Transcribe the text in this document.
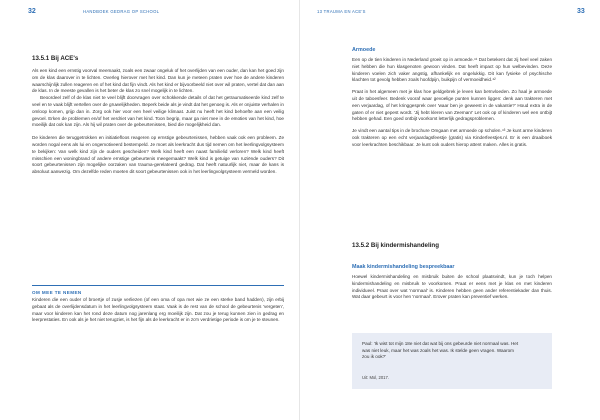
32	HANDBOEK GEDRAG OP SCHOOL
13.5.1 Bij ACE's

Als een kind een ernstig voorval meemaakt, zoals een zwaar ongeluk of het overlijden van een ouder, dan kan het goed zijn om de klas daarover in te lichten. Overleg hierover met het kind. Dan kun je meteen praten over hoe de andere kinderen waarschijnlijk zullen reageren en of het kind dat fijn vindt. Als het kind er bijvoorbeeld niet over wil praten, vertel dat dan aan de klas. In de meeste gevallen is het beter de klas zo snel mogelijk in te lichten.

Beoordeel zelf of de klas niet te veel blijft doorvragen over schokkende details of dat het getraumatiseerde kind zelf te veel en te vaak blijft vertellen over de gruwelijkheden. Beperk beide als je vindt dat het genoeg is. Als er onjuiste verhalen in omloop komen, grijp dan in. Zorg ook hier voor een heel veilige klimaat. Juist nu heeft het kind behoefte aan een veilig gevoel. Erken de problemen en/of het verdriet van het kind. Toon begrip, maar ga niet mee in de emoties van het kind, hoe moeilijk dat ook kan zijn. Als hij wil praten over de gebeurtenissen, bied die mogelijkheid dan.

De kinderen die teruggetrokken en initiatiefloos reageren op ernstige gebeurtenissen, hebben vaak ook een probleem. Ze worden nogal eens als lui en ongemotiveerd bestempeld. Je moet als leerkracht dus tijd nemen om het leerlingvolgsysteem te bekijken: Van welk kind zijn de ouders gescheiden? Welk kind heeft een naast familielid verloren? Welk kind heeft misschien een woningbrand of andere ernstige gebeurtenis meegemaakt? Welk kind is getuige van ruziënde ouders? Dit soort gebeurtenissen zijn mogelijke oorzaken van trauma-gerelateerd gedrag. Dat heeft natuurlijk niet, maar de kans is absoluut aanwezig. Om dezelfde reden moeten dit soort gebeurtenissen ook in het leerlingvolgsysteem vermeld worden.

OM MEE TE NEMEN
Kinderen die een ouder of broertje of zusje verliezen (of een oma of opa met wie ze een sterke band hadden), zijn erbij gebaat als de overlijdensdatum in het leerlingvolgsysteem staat. Vaak is de rest van de school de gebeurtenis 'vergeten', maar voor kinderen kan het rond deze datum nog jarenlang erg moeilijk zijn. Dat zou je terug kunnen zien in gedrag en leerprestaties. En ook als je het niet terugziet, is het fijn als de leerkracht er in zo'n verdrietige periode is om je te steunen.
13 TRAUMA EN ACE'S	33
Armoede

Een op de tien kinderen in Nederland groeit op in armoede.⁴¹ Dat betekent dat zij heel veel zaken niet hebben die hun klasgenoten gewoon vinden. Dat heeft impact op hun welbevinden. Deze kinderen voelen zich vaker angstig, afhankelijk en ongelukkig. Dit kan fysieke of psychische klachten tot gevolg hebben zoals hoofdpijn, buikpijn of vermoeidheid.⁴²

Praat in het algemeen met je klas hoe geldgebrek je leven kan beïnvloeden. Zo haal je armoede uit de taboesfeer. Bedenk vooraf waar gevoelige punten kunnen liggen: denk aan trakteren met een verjaardag, of het kringgesprek over 'waar ben je geweest in de vakantie?' Houd extra in de gaten of er niet gepest wordt. 'Jij hebt kleren van Zeeman!' Let ook op of kinderen wel een ontbijt hebben gehad. Een goed ontbijt voorkomt letterlijk gedragsproblemen.

Je vindt een aantal tips in de brochure Omgaan met armoede op scholen.⁴³ Je kunt arme kinderen ook trakteren op een echt verjaardagsfeestje (gratis) via Kinderfeestjes.nl. Er is een draaiboek voor leerkrachten beschikbaar. Je kunt ook ouders hierop attent maken. Alles is gratis.

13.5.2 Bij kindermishandeling
Maak kindermishandeling bespreekbaar
Hoewel kindermishandeling en misbruik buiten de school plaatsvindt, kun je toch helpen kindermishandeling en misbruik te voorkomen. Praat er eens met je klas en met kinderen individueel. Praat over wat 'normaal' is. Kinderen hebben geen ander referentiekader dan thuis. Wat daar gebeurt is voor hen 'normaal'. Erover praten kan preventief werken.
Paul: 'Ik wist tot mijn 18e niet dat wat bij ons gebeurde niet normaal was. Het was niet leuk, maar het was zoals het was. Ik stelde geen vragen. Waarom zou ik ook?'
Uit: Mol, 2017.
